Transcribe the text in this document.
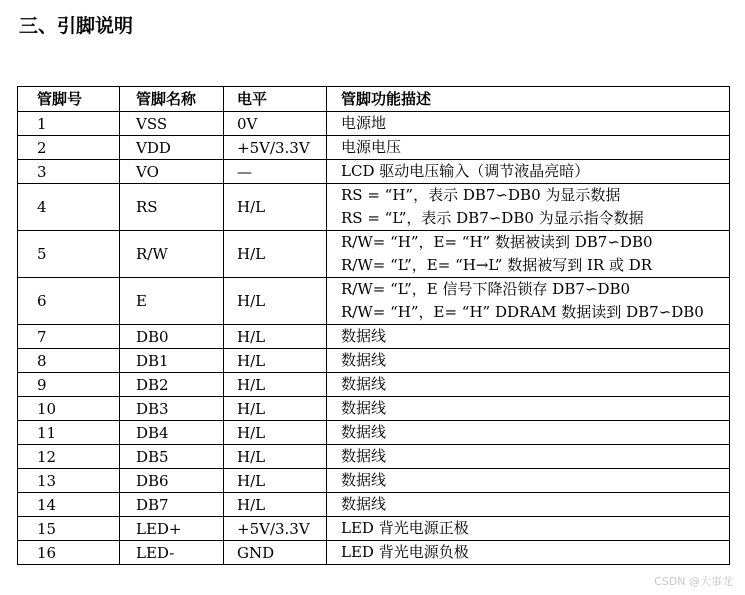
三、引脚说明
管脚号	管脚名称	电平	管脚功能描述
1	VSS	0V	电源地

2	VDD	+5V/3.3V	电源电压

3	VO	—	LCD 驱动电压输入（调节液晶亮暗）

4	RS	H/L	RS = “H”，表示 DB7∽DB0 为显示数据
RS = “L”，表示 DB7∽DB0 为显示指令数据

5	R/W	H/L	R/W= “H”，E= “H” 数据被读到 DB7∽DB0
R/W= “L”，E= “H→L” 数据被写到 IR 或 DR

6	E	H/L	R/W= “L”，E 信号下降沿锁存 DB7∽DB0
R/W= “H”，E= “H” DDRAM 数据读到 DB7∽DB0

7	DB0	H/L	数据线

8	DB1	H/L	数据线

9	DB2	H/L	数据线

10	DB3	H/L	数据线

11	DB4	H/L	数据线

12	DB5	H/L	数据线

13	DB6	H/L	数据线

14	DB7	H/L	数据线

15	LED+	+5V/3.3V	LED 背光电源正极

16	LED-	GND	LED 背光电源负极
CSDN @大事龙
